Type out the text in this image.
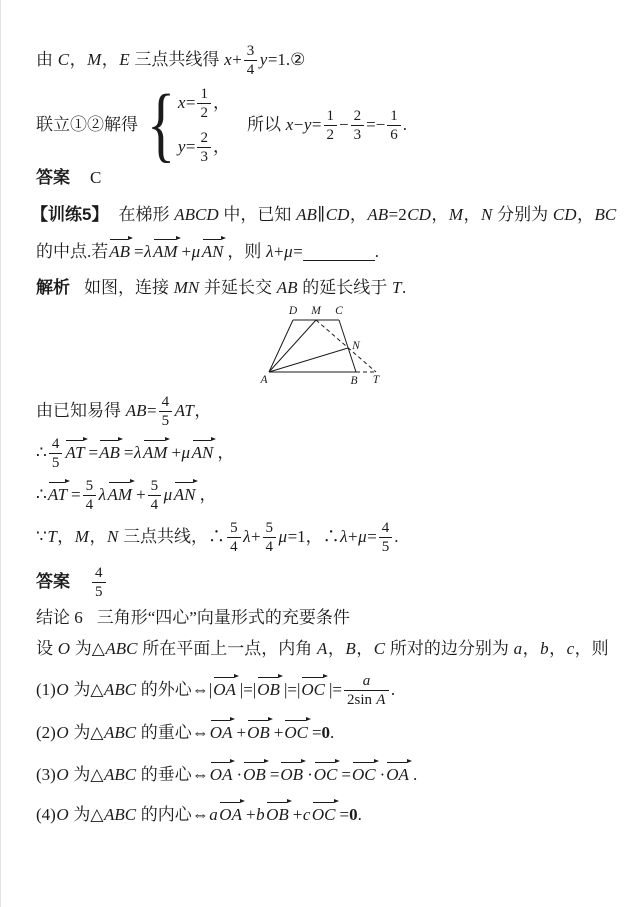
由 C ， M ， E 三点共线得 $x + \frac{3}{4}$ y =1.②
联立①②解得 { $x = \frac{1}{2}$ ，
$y = \frac{2}{3}$ ，
所以 $x - y = \frac{1}{2} - \frac{2}{3} =- \frac{1}{6}$ .
答案 C
【训练5】 在梯形 ABCD 中，已知 AB ∥ CD ， AB =2 CD ， M ， N 分别为 CD ， BC
的中点.若 AB = λ AM + μ AN ，则 λ + μ =	.
解析 如图，连接 MN 并延长交 AB 的延长线于 T .
A	B
C
D M
N
T
由已知易得 AB = $\frac{4}{5}$ AT ，
∴ $\frac{4}{5}$ AT = AB = λ AM + μ AN ，
∴ AT = $\frac{5}{4}$ λ AM + $\frac{5}{4}$ μ AN ，
∵ T ， M ， N 三点共线，∴ $\frac{5}{4}$ $\lambda + \frac{5}{4}$ μ =1，∴ $\lambda + \mu = \frac{4}{5}$ .
答案 $\frac{4}{5}$
结论 6 三角形“四心”向量形式的充要条件
设 O 为△ ABC 所在平面上一点，内角 A ， B ， C 所对的边分别为 a ， b ， c ，则
(1) O 为△ ABC 的外心⇔| OA |=| OB |=| OC |= $\frac{a}{\text{2sin A}}$ .
(2) O 为△ ABC 的重心⇔ OA + OB + OC = 0 .
(3) O 为△ ABC 的垂心⇔ OA · OB = OB · OC = OC · OA .
(4) O 为△ ABC 的内心⇔ a OA + b OB + c OC = 0 .
